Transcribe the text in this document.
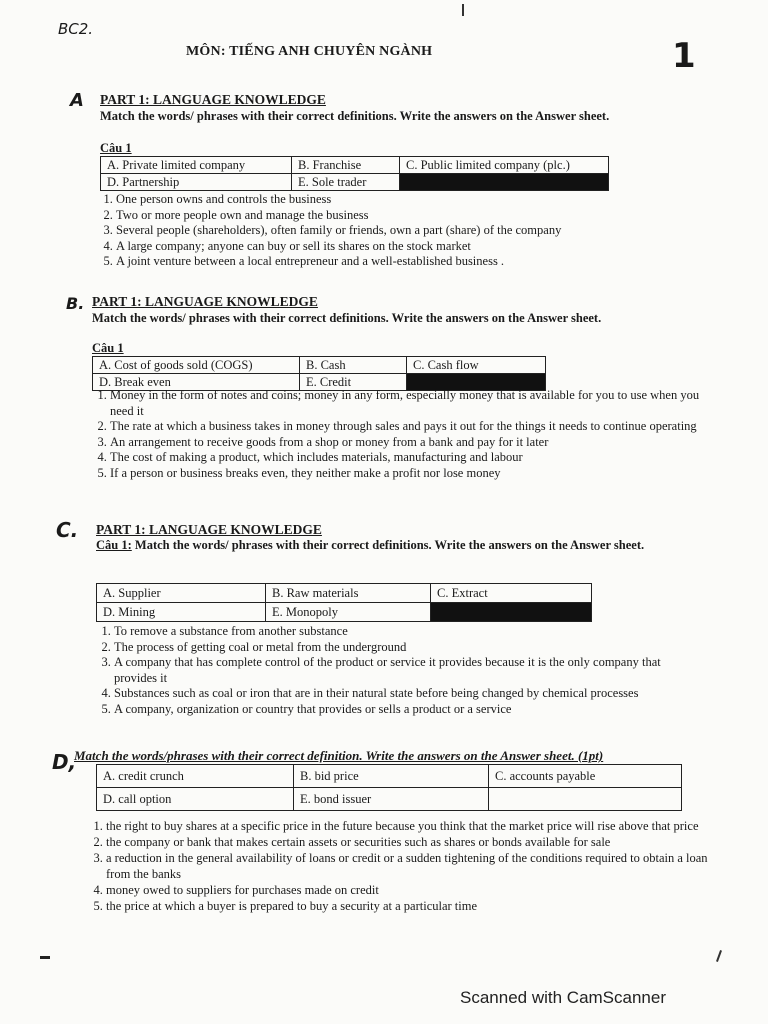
BC2.
MÔN: TIẾNG ANH CHUYÊN NGÀNH	1
A PART 1: LANGUAGE KNOWLEDGE
Match the words/ phrases with their correct definitions. Write the answers on the Answer sheet.
Câu 1
A. Private limited company	B. Franchise	C. Public limited company (plc.)
D. Partnership	E. Sole trader	
1. One person owns and controls the business
2. Two or more people own and manage the business
3. Several people (shareholders), often family or friends, own a part (share) of the company
4. A large company; anyone can buy or sell its shares on the stock market
5. A joint venture between a local entrepreneur and a well-established business .
B. PART 1: LANGUAGE KNOWLEDGE
Match the words/ phrases with their correct definitions. Write the answers on the Answer sheet.
Câu 1
A. Cost of goods sold (COGS)	B. Cash	C. Cash flow
D. Break even	E. Credit	
1. Money in the form of notes and coins; money in any form, especially money that is available for you to use when you need it
2. The rate at which a business takes in money through sales and pays it out for the things it needs to continue operating
3. An arrangement to receive goods from a shop or money from a bank and pay for it later
4. The cost of making a product, which includes materials, manufacturing and labour
5. If a person or business breaks even, they neither make a profit nor lose money
C. PART 1: LANGUAGE KNOWLEDGE
Câu 1: Match the words/ phrases with their correct definitions. Write the answers on the Answer sheet.
A. Supplier	B. Raw materials	C. Extract
D. Mining	E. Monopoly	
1. To remove a substance from another substance
2. The process of getting coal or metal from the underground
3. A company that has complete control of the product or service it provides because it is the only company that provides it
4. Substances such as coal or iron that are in their natural state before being changed by chemical processes
5. A company, organization or country that provides or sells a product or a service
D,
Match the words/phrases with their correct definition. Write the answers on the Answer sheet. (1pt)
A. credit crunch	B. bid price	C. accounts payable
D. call option	E. bond issuer	
1. the right to buy shares at a specific price in the future because you think that the market price will rise above that price
2. the company or bank that makes certain assets or securities such as shares or bonds available for sale
3. a reduction in the general availability of loans or credit or a sudden tightening of the conditions required to obtain a loan from the banks
4. money owed to suppliers for purchases made on credit
5. the price at which a buyer is prepared to buy a security at a particular time
Scanned with CamScanner
